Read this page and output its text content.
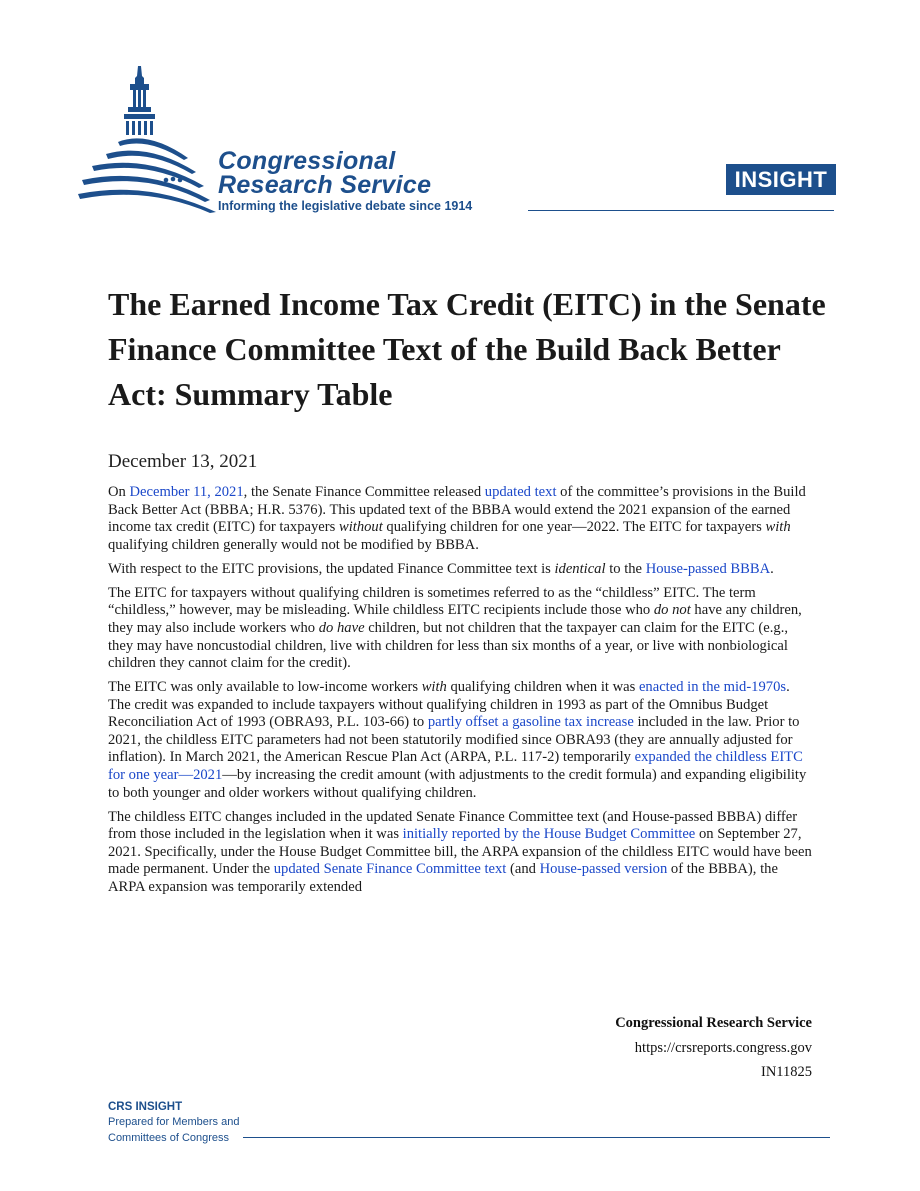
Congressional
Research Service
Informing the legislative debate since 1914
INSIGHT
The Earned Income Tax Credit (EITC) in the Senate Finance Committee Text of the Build Back Better Act: Summary Table
December 13, 2021

On December 11, 2021, the Senate Finance Committee released updated text of the committee’s provisions in the Build Back Better Act (BBBA; H.R. 5376). This updated text of the BBBA would extend the 2021 expansion of the earned income tax credit (EITC) for taxpayers without qualifying children for one year—2022. The EITC for taxpayers with qualifying children generally would not be modified by BBBA.

With respect to the EITC provisions, the updated Finance Committee text is identical to the House-passed BBBA.

The EITC for taxpayers without qualifying children is sometimes referred to as the “childless” EITC. The term “childless,” however, may be misleading. While childless EITC recipients include those who do not have any children, they may also include workers who do have children, but not children that the taxpayer can claim for the EITC (e.g., they may have noncustodial children, live with children for less than six months of a year, or live with nonbiological children they cannot claim for the credit).

The EITC was only available to low-income workers with qualifying children when it was enacted in the mid-1970s. The credit was expanded to include taxpayers without qualifying children in 1993 as part of the Omnibus Budget Reconciliation Act of 1993 (OBRA93, P.L. 103-66) to partly offset a gasoline tax increase included in the law. Prior to 2021, the childless EITC parameters had not been statutorily modified since OBRA93 (they are annually adjusted for inflation). In March 2021, the American Rescue Plan Act (ARPA, P.L. 117-2) temporarily expanded the childless EITC for one year—2021—by increasing the credit amount (with adjustments to the credit formula) and expanding eligibility to both younger and older workers without qualifying children.

The childless EITC changes included in the updated Senate Finance Committee text (and House-passed BBBA) differ from those included in the legislation when it was initially reported by the House Budget Committee on September 27, 2021. Specifically, under the House Budget Committee bill, the ARPA expansion of the childless EITC would have been made permanent. Under the updated Senate Finance Committee text (and House-passed version of the BBBA), the ARPA expansion was temporarily extended

Congressional Research Service
https://crsreports.congress.gov
IN11825
CRS INSIGHT
Prepared for Members and
Committees of Congress
